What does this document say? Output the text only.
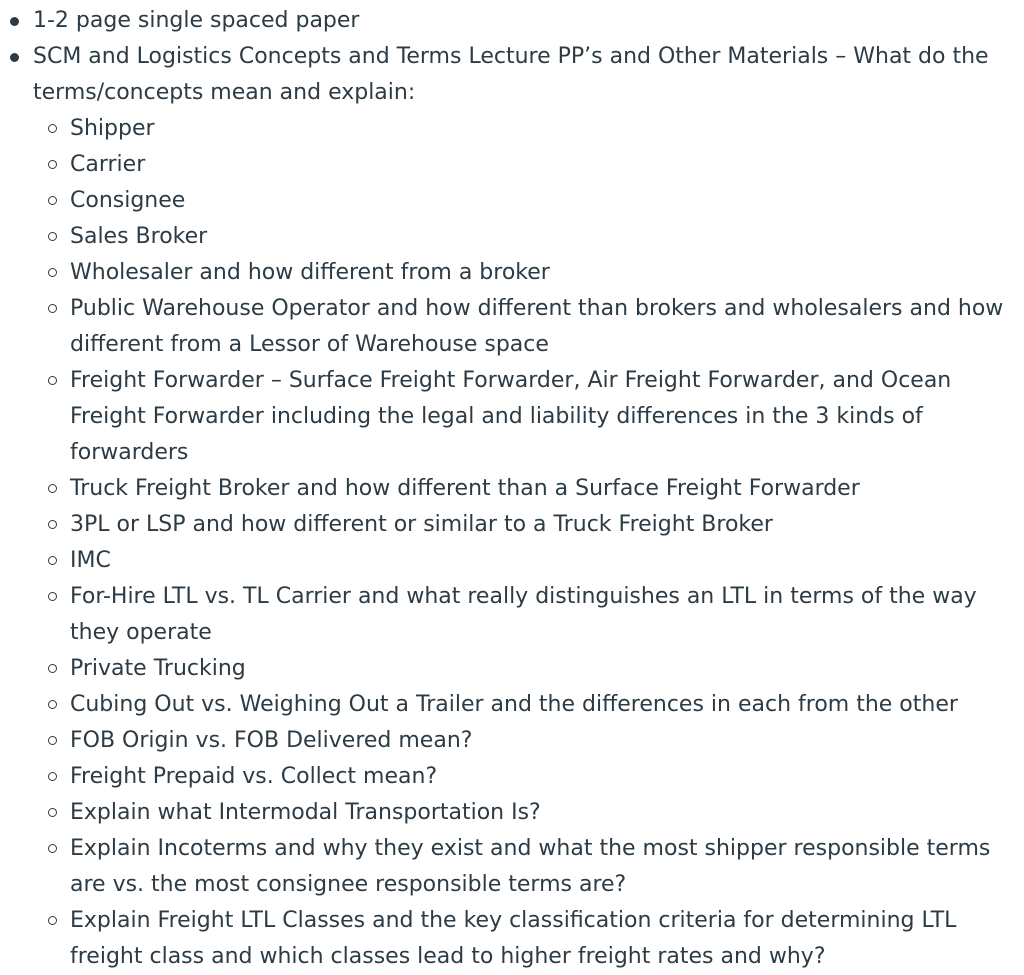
1-2 page single spaced paper
SCM and Logistics Concepts and Terms Lecture PP’s and Other Materials – What do the terms/concepts mean and explain:
Shipper
Carrier
Consignee
Sales Broker
Wholesaler and how different from a broker
Public Warehouse Operator and how different than brokers and wholesalers and how different from a Lessor of Warehouse space
Freight Forwarder – Surface Freight Forwarder, Air Freight Forwarder, and Ocean Freight Forwarder including the legal and liability differences in the 3 kinds of forwarders
Truck Freight Broker and how different than a Surface Freight Forwarder
3PL or LSP and how different or similar to a Truck Freight Broker
IMC
For-Hire LTL vs. TL Carrier and what really distinguishes an LTL in terms of the way they operate
Private Trucking
Cubing Out vs. Weighing Out a Trailer and the differences in each from the other
FOB Origin vs. FOB Delivered mean?
Freight Prepaid vs. Collect mean?
Explain what Intermodal Transportation Is?
Explain Incoterms and why they exist and what the most shipper responsible terms are vs. the most consignee responsible terms are?
Explain Freight LTL Classes and the key classification criteria for determining LTL freight class and which classes lead to higher freight rates and why?
